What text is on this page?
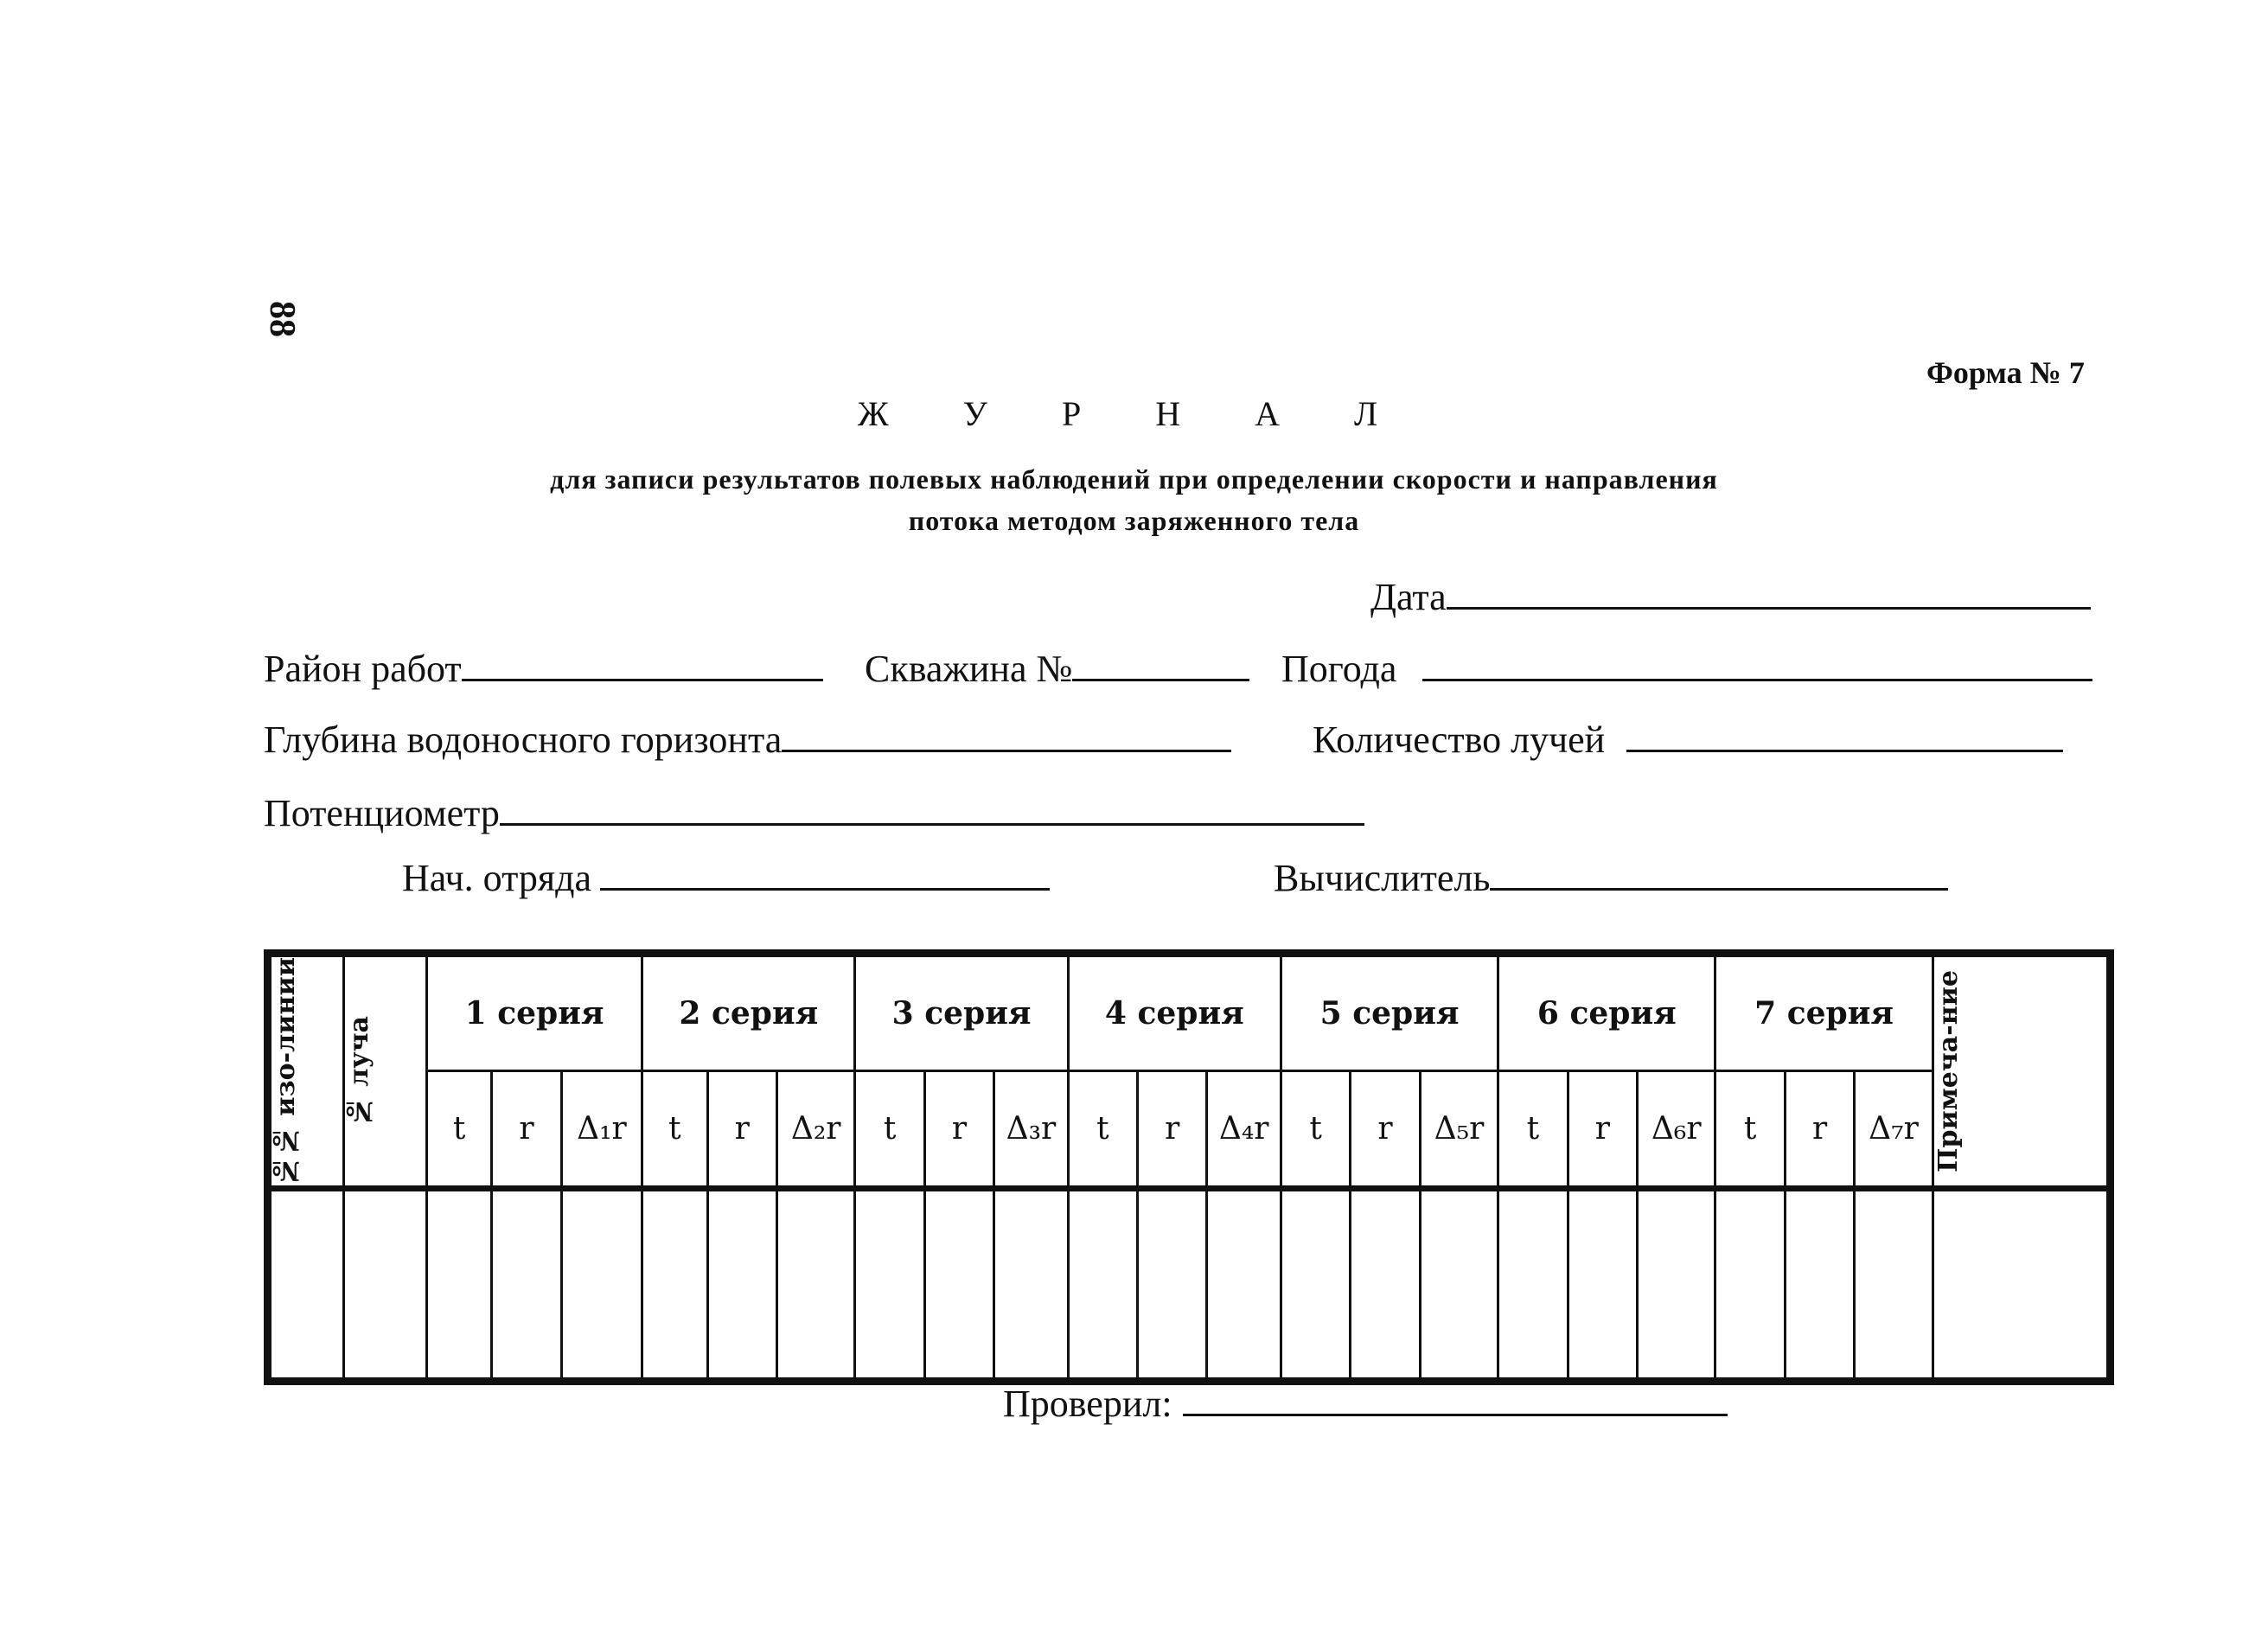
88
Форма № 7
Ж У Р Н А Л
для записи результатов полевых наблюдений при определении скорости и направления
потока методом заряженного тела
Дата
Район работ	Скважина №	Погода
Глубина водоносного горизонта	Количество лучей
Потенциометр
Нач. отряда	Вычислитель
№№ изо-линии	№ луча	1 серия			2 серия			3 серия			4 серия			5 серия			6 серия			7 серия			Примеча-ние

		t	r	Δ₁r	t	r	Δ₂r	t	r	Δ₃r	t	r	Δ₄r	t	r	Δ₅r	t	r	Δ₆r	t	r	Δ₇r	

Проверил:
